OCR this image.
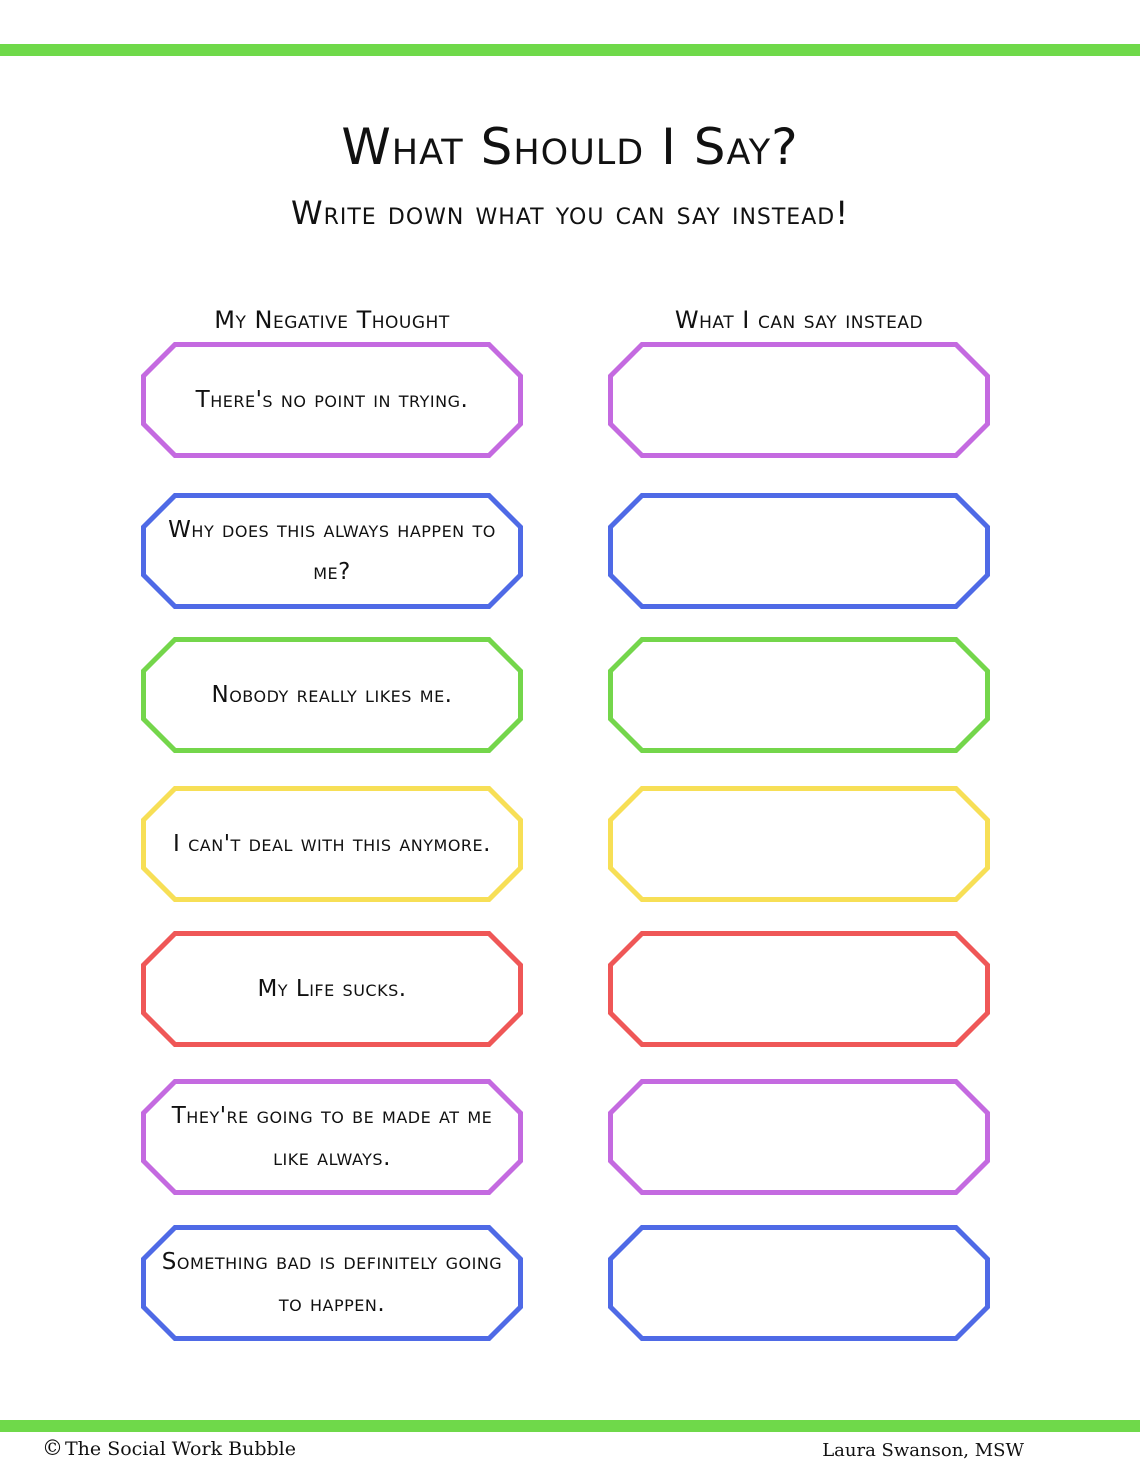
What Should I Say?

Write down what you can say instead!

My Negative Thought	What I can say instead
There's no point in trying.
Why does this always happen to me?
Nobody really likes me.
I can't deal with this anymore.
My Life sucks.
They're going to be made at me like always.
Something bad is definitely going to happen.
© The Social Work Bubble	Laura Swanson, MSW
